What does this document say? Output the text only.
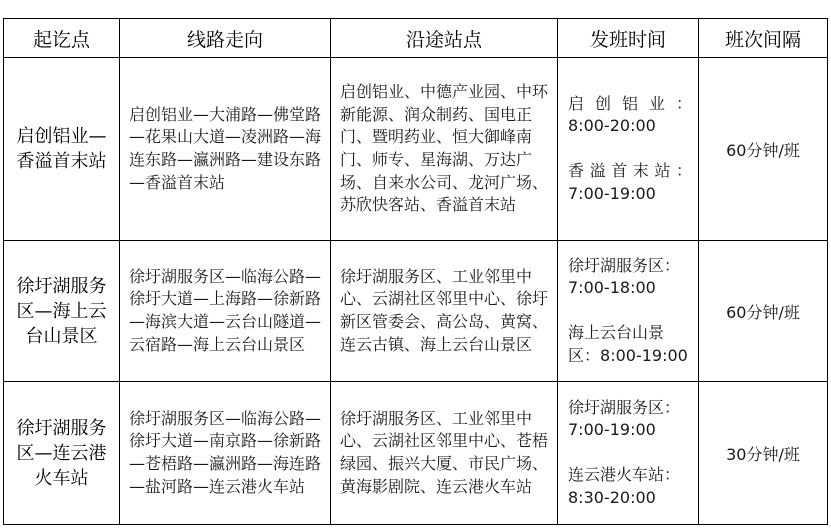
起讫点	线路走向	沿途站点	发班时间	班次间隔
启创铝业—香溢首末站	启创铝业—大浦路—佛堂路—花果山大道—凌洲路—海连东路—瀛洲路—建设东路—香溢首末站	启创铝业、中德产业园、中环新能源、润众制药、国电正门、暨明药业、恒大御峰南门、师专、星海湖、万达广场、自来水公司、龙河广场、苏欣快客站、香溢首末站	启创铝业：
8:00-20:00
香溢首末站：
7:00-19:00	60分钟/班
徐圩湖服务区—海上云台山景区	徐圩湖服务区—临海公路—徐圩大道—上海路—徐新路—海滨大道—云台山隧道—云宿路—海上云台山景区	徐圩湖服务区、工业邻里中心、云湖社区邻里中心、徐圩新区管委会、高公岛、黄窝、连云古镇、海上云台山景区	徐圩湖服务区：
7:00-18:00
海上云台山景区：8:00-19:00	60分钟/班
徐圩湖服务区—连云港火车站	徐圩湖服务区—临海公路—徐圩大道—南京路—徐新路—苍梧路—瀛洲路—海连路—盐河路—连云港火车站	徐圩湖服务区、工业邻里中心、云湖社区邻里中心、苍梧绿园、振兴大厦、市民广场、黄海影剧院、连云港火车站	徐圩湖服务区：
7:00-19:00
连云港火车站：
8:30-20:00	30分钟/班
